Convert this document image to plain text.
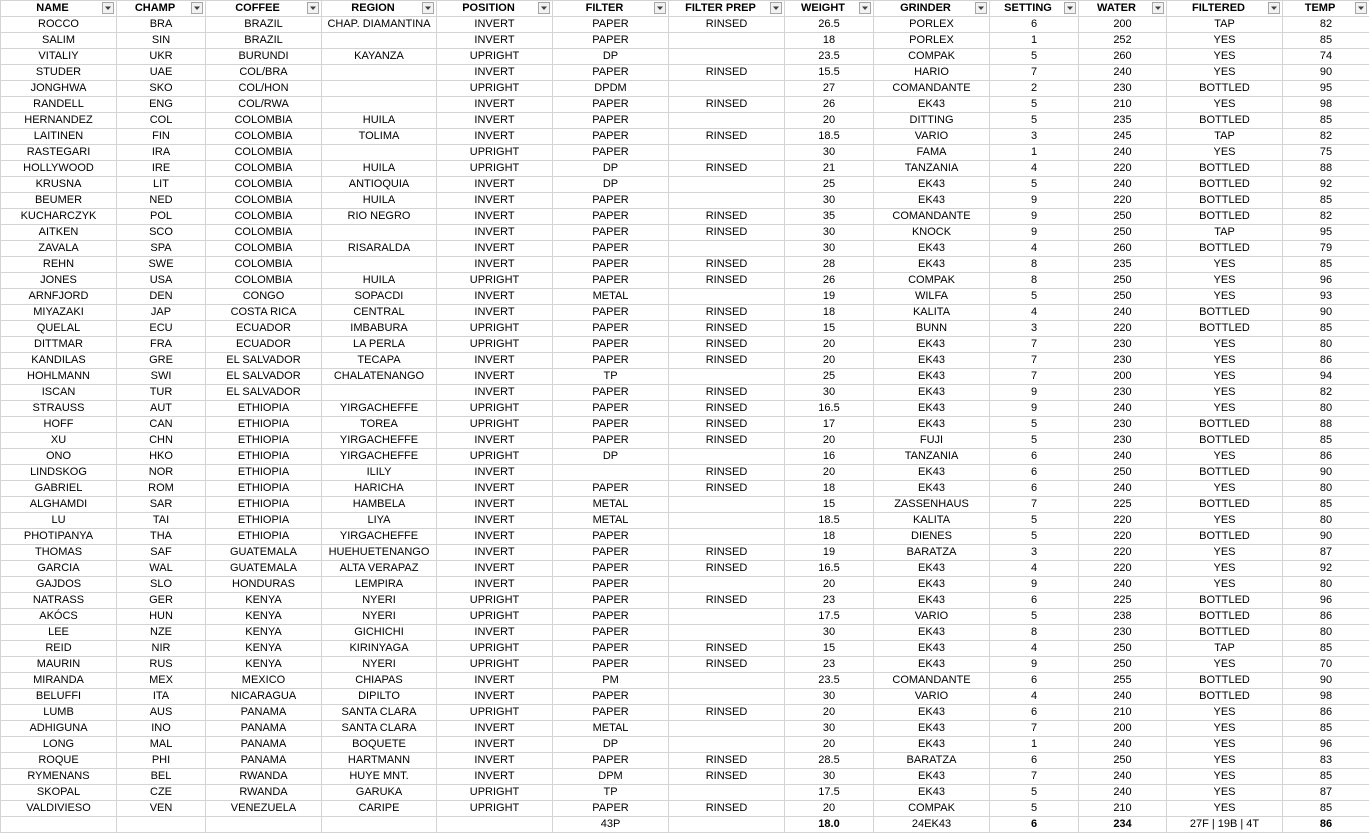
NAME	CHAMP	COFFEE	REGION	POSITION	FILTER	FILTER PREP	WEIGHT	GRINDER	SETTING	WATER	FILTERED	TEMP

ROCCO	BRA	BRAZIL	CHAP. DIAMANTINA	INVERT	PAPER	RINSED	26.5	PORLEX	6	200	TAP	82
SALIM	SIN	BRAZIL		INVERT	PAPER		18	PORLEX	1	252	YES	85
VITALIY	UKR	BURUNDI	KAYANZA	UPRIGHT	DP		23.5	COMPAK	5	260	YES	74
STUDER	UAE	COL/BRA		INVERT	PAPER	RINSED	15.5	HARIO	7	240	YES	90
JONGHWA	SKO	COL/HON		UPRIGHT	DPDM		27	COMANDANTE	2	230	BOTTLED	95
RANDELL	ENG	COL/RWA		INVERT	PAPER	RINSED	26	EK43	5	210	YES	98
HERNANDEZ	COL	COLOMBIA	HUILA	INVERT	PAPER		20	DITTING	5	235	BOTTLED	85
LAITINEN	FIN	COLOMBIA	TOLIMA	INVERT	PAPER	RINSED	18.5	VARIO	3	245	TAP	82
RASTEGARI	IRA	COLOMBIA		UPRIGHT	PAPER		30	FAMA	1	240	YES	75
HOLLYWOOD	IRE	COLOMBIA	HUILA	UPRIGHT	DP	RINSED	21	TANZANIA	4	220	BOTTLED	88
KRUSNA	LIT	COLOMBIA	ANTIOQUIA	INVERT	DP		25	EK43	5	240	BOTTLED	92
BEUMER	NED	COLOMBIA	HUILA	INVERT	PAPER		30	EK43	9	220	BOTTLED	85
KUCHARCZYK	POL	COLOMBIA	RIO NEGRO	INVERT	PAPER	RINSED	35	COMANDANTE	9	250	BOTTLED	82
AITKEN	SCO	COLOMBIA		INVERT	PAPER	RINSED	30	KNOCK	9	250	TAP	95
ZAVALA	SPA	COLOMBIA	RISARALDA	INVERT	PAPER		30	EK43	4	260	BOTTLED	79
REHN	SWE	COLOMBIA		INVERT	PAPER	RINSED	28	EK43	8	235	YES	85
JONES	USA	COLOMBIA	HUILA	UPRIGHT	PAPER	RINSED	26	COMPAK	8	250	YES	96
ARNFJORD	DEN	CONGO	SOPACDI	INVERT	METAL		19	WILFA	5	250	YES	93
MIYAZAKI	JAP	COSTA RICA	CENTRAL	INVERT	PAPER	RINSED	18	KALITA	4	240	BOTTLED	90
QUELAL	ECU	ECUADOR	IMBABURA	UPRIGHT	PAPER	RINSED	15	BUNN	3	220	BOTTLED	85
DITTMAR	FRA	ECUADOR	LA PERLA	UPRIGHT	PAPER	RINSED	20	EK43	7	230	YES	80
KANDILAS	GRE	EL SALVADOR	TECAPA	INVERT	PAPER	RINSED	20	EK43	7	230	YES	86
HOHLMANN	SWI	EL SALVADOR	CHALATENANGO	INVERT	TP		25	EK43	7	200	YES	94
ISCAN	TUR	EL SALVADOR		INVERT	PAPER	RINSED	30	EK43	9	230	YES	82
STRAUSS	AUT	ETHIOPIA	YIRGACHEFFE	UPRIGHT	PAPER	RINSED	16.5	EK43	9	240	YES	80
HOFF	CAN	ETHIOPIA	TOREA	UPRIGHT	PAPER	RINSED	17	EK43	5	230	BOTTLED	88
XU	CHN	ETHIOPIA	YIRGACHEFFE	INVERT	PAPER	RINSED	20	FUJI	5	230	BOTTLED	85
ONO	HKO	ETHIOPIA	YIRGACHEFFE	UPRIGHT	DP		16	TANZANIA	6	240	YES	86
LINDSKOG	NOR	ETHIOPIA	ILILY	INVERT		RINSED	20	EK43	6	250	BOTTLED	90
GABRIEL	ROM	ETHIOPIA	HARICHA	INVERT	PAPER	RINSED	18	EK43	6	240	YES	80
ALGHAMDI	SAR	ETHIOPIA	HAMBELA	INVERT	METAL		15	ZASSENHAUS	7	225	BOTTLED	85
LU	TAI	ETHIOPIA	LIYA	INVERT	METAL		18.5	KALITA	5	220	YES	80
PHOTIPANYA	THA	ETHIOPIA	YIRGACHEFFE	INVERT	PAPER		18	DIENES	5	220	BOTTLED	90
THOMAS	SAF	GUATEMALA	HUEHUETENANGO	INVERT	PAPER	RINSED	19	BARATZA	3	220	YES	87
GARCIA	WAL	GUATEMALA	ALTA VERAPAZ	INVERT	PAPER	RINSED	16.5	EK43	4	220	YES	92
GAJDOS	SLO	HONDURAS	LEMPIRA	INVERT	PAPER		20	EK43	9	240	YES	80
NATRASS	GER	KENYA	NYERI	UPRIGHT	PAPER	RINSED	23	EK43	6	225	BOTTLED	96
AKÓCS	HUN	KENYA	NYERI	UPRIGHT	PAPER		17.5	VARIO	5	238	BOTTLED	86
LEE	NZE	KENYA	GICHICHI	INVERT	PAPER		30	EK43	8	230	BOTTLED	80
REID	NIR	KENYA	KIRINYAGA	UPRIGHT	PAPER	RINSED	15	EK43	4	250	TAP	85
MAURIN	RUS	KENYA	NYERI	UPRIGHT	PAPER	RINSED	23	EK43	9	250	YES	70
MIRANDA	MEX	MEXICO	CHIAPAS	INVERT	PM		23.5	COMANDANTE	6	255	BOTTLED	90
BELUFFI	ITA	NICARAGUA	DIPILTO	INVERT	PAPER		30	VARIO	4	240	BOTTLED	98
LUMB	AUS	PANAMA	SANTA CLARA	UPRIGHT	PAPER	RINSED	20	EK43	6	210	YES	86
ADHIGUNA	INO	PANAMA	SANTA CLARA	INVERT	METAL		30	EK43	7	200	YES	85
LONG	MAL	PANAMA	BOQUETE	INVERT	DP		20	EK43	1	240	YES	96
ROQUE	PHI	PANAMA	HARTMANN	INVERT	PAPER	RINSED	28.5	BARATZA	6	250	YES	83
RYMENANS	BEL	RWANDA	HUYE MNT.	INVERT	DPM	RINSED	30	EK43	7	240	YES	85
SKOPAL	CZE	RWANDA	GARUKA	UPRIGHT	TP		17.5	EK43	5	240	YES	87
VALDIVIESO	VEN	VENEZUELA	CARIPE	UPRIGHT	PAPER	RINSED	20	COMPAK	5	210	YES	85
					43P		18.0	24EK43	6	234	27F | 19B | 4T	86
